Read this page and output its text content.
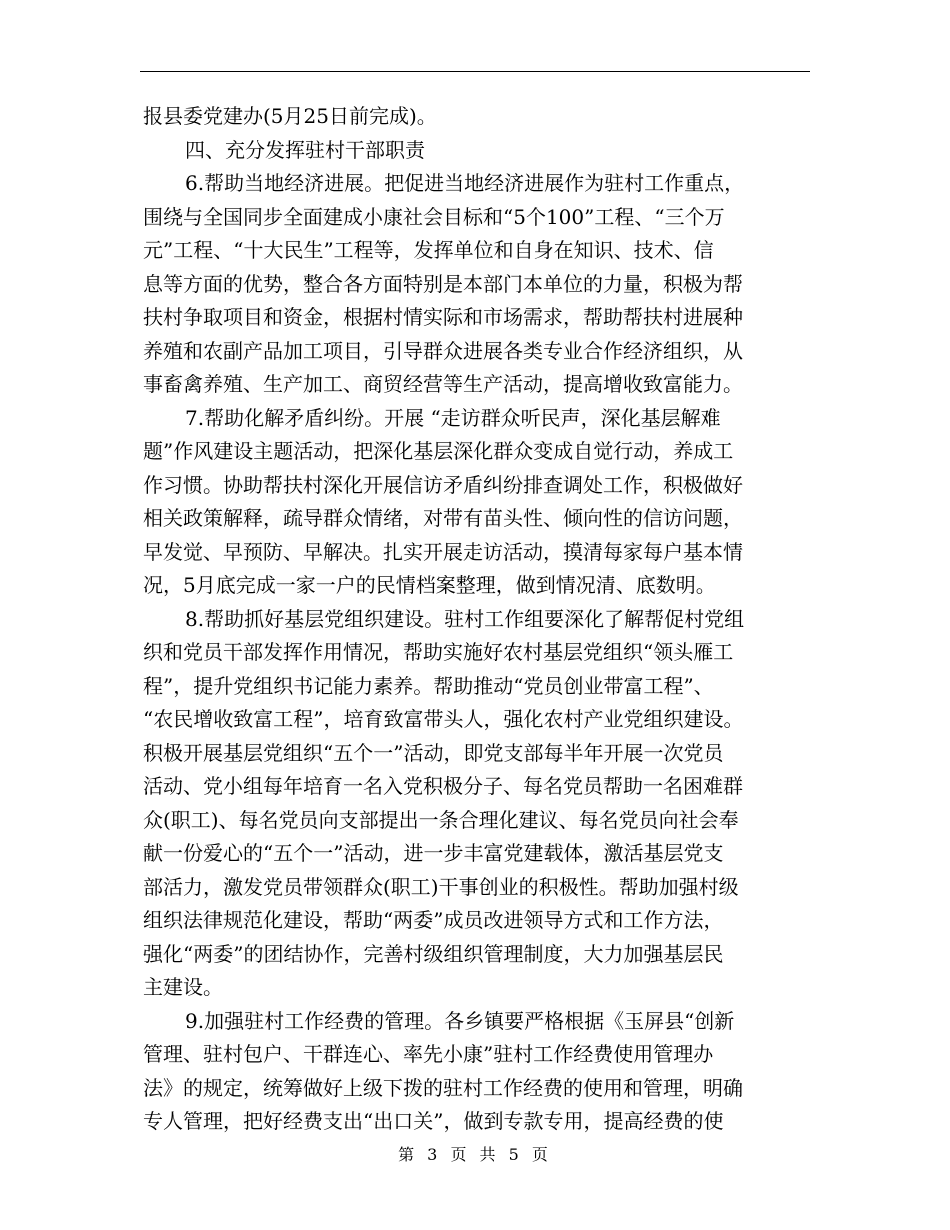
报县委党建办(5月25日前完成)。
四、充分发挥驻村干部职责
6.帮助当地经济进展。把促进当地经济进展作为驻村工作重点，
围绕与全国同步全面建成小康社会目标和“5个100”工程、“三个万
元”工程、“十大民生”工程等，发挥单位和自身在知识、技术、信
息等方面的优势，整合各方面特别是本部门本单位的力量，积极为帮
扶村争取项目和资金，根据村情实际和市场需求，帮助帮扶村进展种
养殖和农副产品加工项目，引导群众进展各类专业合作经济组织，从
事畜禽养殖、生产加工、商贸经营等生产活动，提高增收致富能力。
7.帮助化解矛盾纠纷。开展 “走访群众听民声，深化基层解难
题”作风建设主题活动，把深化基层深化群众变成自觉行动，养成工
作习惯。协助帮扶村深化开展信访矛盾纠纷排查调处工作，积极做好
相关政策解释，疏导群众情绪，对带有苗头性、倾向性的信访问题，
早发觉、早预防、早解决。扎实开展走访活动，摸清每家每户基本情
况，5月底完成一家一户的民情档案整理，做到情况清、底数明。
8.帮助抓好基层党组织建设。驻村工作组要深化了解帮促村党组
织和党员干部发挥作用情况，帮助实施好农村基层党组织“领头雁工
程”，提升党组织书记能力素养。帮助推动“党员创业带富工程”、
“农民增收致富工程”，培育致富带头人，强化农村产业党组织建设。
积极开展基层党组织“五个一”活动，即党支部每半年开展一次党员
活动、党小组每年培育一名入党积极分子、每名党员帮助一名困难群
众(职工)、每名党员向支部提出一条合理化建议、每名党员向社会奉
献一份爱心的“五个一”活动，进一步丰富党建载体，激活基层党支
部活力，激发党员带领群众(职工)干事创业的积极性。帮助加强村级
组织法律规范化建设，帮助“两委”成员改进领导方式和工作方法，
强化“两委”的团结协作，完善村级组织管理制度，大力加强基层民
主建设。
9.加强驻村工作经费的管理。各乡镇要严格根据《玉屏县“创新
管理、驻村包户、干群连心、率先小康”驻村工作经费使用管理办
法》的规定，统筹做好上级下拨的驻村工作经费的使用和管理，明确
专人管理，把好经费支出“出口关”，做到专款专用，提高经费的使
第 3 页 共 5 页
